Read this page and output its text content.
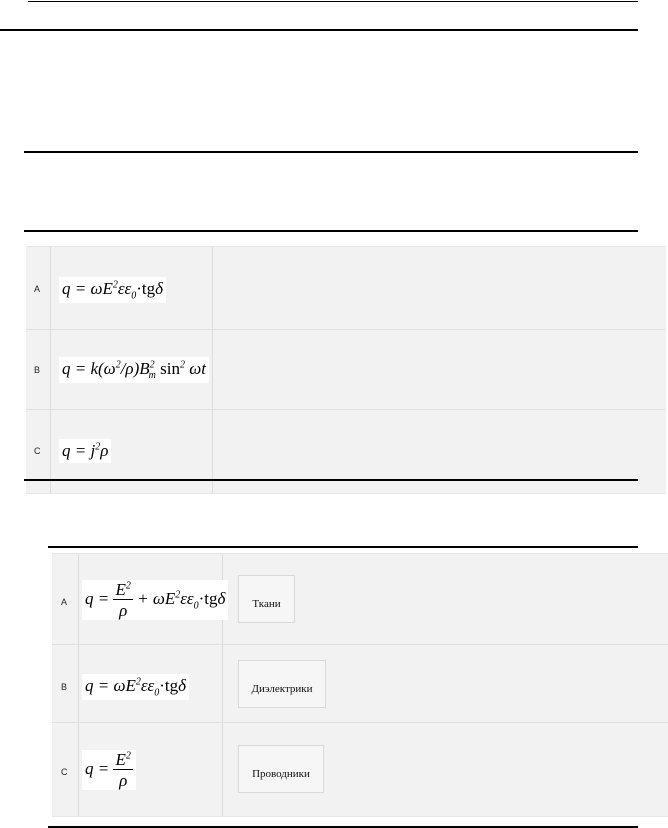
A $q = \omega E^2\varepsilon\varepsilon_0\cdot tg\delta$
B $q = k(\omega^2/\rho)B^2_m$ $\sin^2 \omega t$
C $q = j^2\rho$
A $q = \frac{E^2}{\rho} + \omega E^2\varepsilon\varepsilon_0\cdot tg\delta$	Ткани
B $q = \omega E^2\varepsilon\varepsilon_0\cdot tg\delta$	Диэлектрики
C $q = \frac{E^2}{\rho}$	Проводники
